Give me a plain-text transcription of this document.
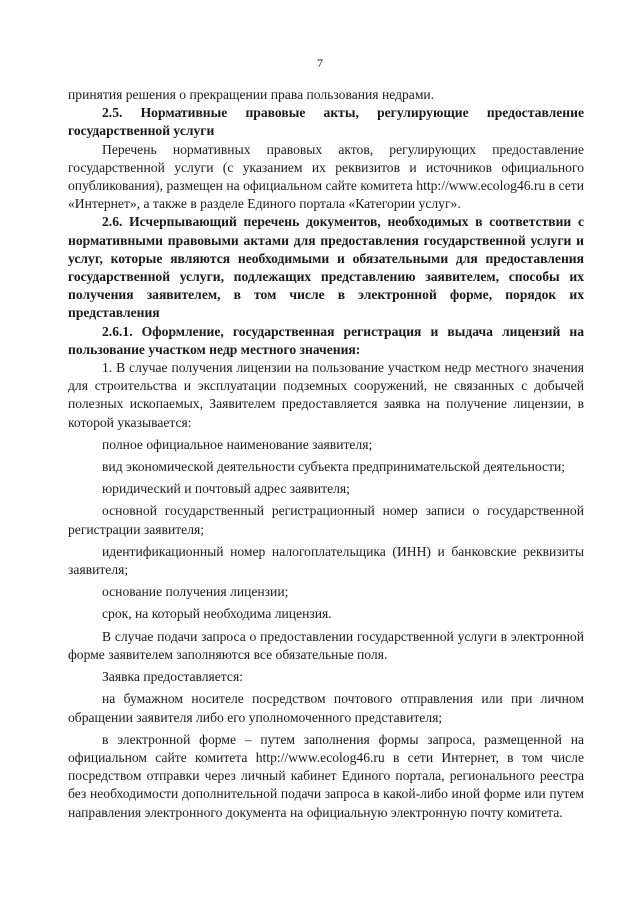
7

принятия решения о прекращении права пользования недрами.

2.5. Нормативные правовые акты, регулирующие предоставление государственной услуги

Перечень нормативных правовых актов, регулирующих предоставление государственной услуги (с указанием их реквизитов и источников официального опубликования), размещен на официальном сайте комитета http://www.ecolog46.ru в сети «Интернет», а также в разделе Единого портала «Категории услуг».

2.6. Исчерпывающий перечень документов, необходимых в соответствии с нормативными правовыми актами для предоставления государственной услуги и услуг, которые являются необходимыми и обязательными для предоставления государственной услуги, подлежащих представлению заявителем, способы их получения заявителем, в том числе в электронной форме, порядок их представления

2.6.1. Оформление, государственная регистрация и выдача лицензий на пользование участком недр местного значения:

1. В случае получения лицензии на пользование участком недр местного значения для строительства и эксплуатации подземных сооружений, не связанных с добычей полезных ископаемых, Заявителем предоставляется заявка на получение лицензии, в которой указывается:

полное официальное наименование заявителя;

вид экономической деятельности субъекта предпринимательской деятельности;

юридический и почтовый адрес заявителя;

основной государственный регистрационный номер записи о государственной регистрации заявителя;

идентификационный номер налогоплательщика (ИНН) и банковские реквизиты заявителя;

основание получения лицензии;

срок, на который необходима лицензия.

В случае подачи запроса о предоставлении государственной услуги в электронной форме заявителем заполняются все обязательные поля.

Заявка предоставляется:

на бумажном носителе посредством почтового отправления или при личном обращении заявителя либо его уполномоченного представителя;

в электронной форме – путем заполнения формы запроса, размещенной на официальном сайте комитета http://www.ecolog46.ru в сети Интернет, в том числе посредством отправки через личный кабинет Единого портала, регионального реестра без необходимости дополнительной подачи запроса в какой-либо иной форме или путем направления электронного документа на официальную электронную почту комитета.
